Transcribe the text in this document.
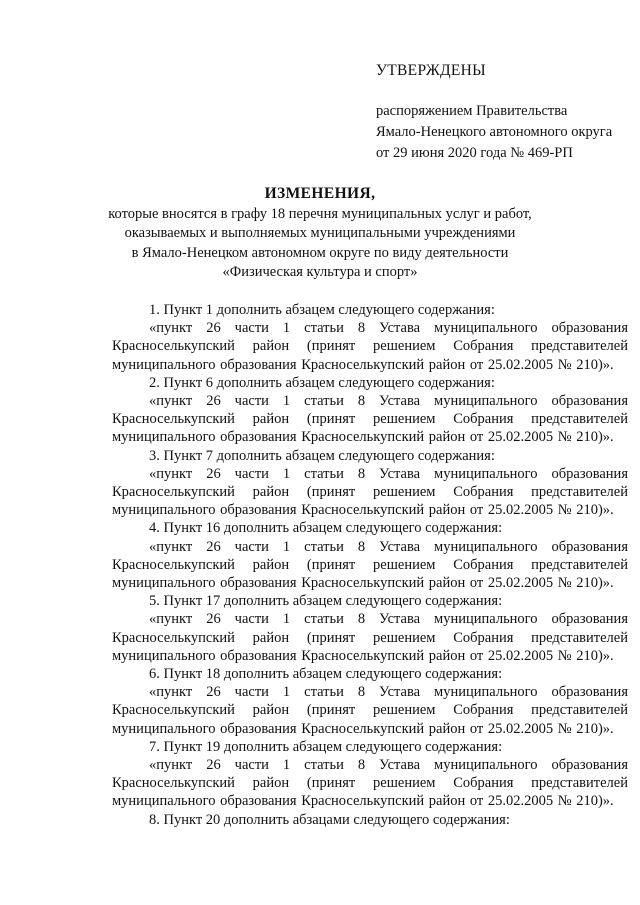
УТВЕРЖДЕНЫ
распоряжением Правительства
Ямало-Ненецкого автономного округа
от 29 июня 2020 года № 469-РП
ИЗМЕНЕНИЯ,
которые вносятся в графу 18 перечня муниципальных услуг и работ,
оказываемых и выполняемых муниципальными учреждениями
в Ямало-Ненецком автономном округе по виду деятельности
«Физическая культура и спорт»
1. Пункт 1 дополнить абзацем следующего содержания:
«пункт 26 части 1 статьи 8 Устава муниципального образования
Красноселькупский район (принят решением Собрания представителей
муниципального образования Красноселькупский район от 25.02.2005 № 210)».
2. Пункт 6 дополнить абзацем следующего содержания:
«пункт 26 части 1 статьи 8 Устава муниципального образования
Красноселькупский район (принят решением Собрания представителей
муниципального образования Красноселькупский район от 25.02.2005 № 210)».
3. Пункт 7 дополнить абзацем следующего содержания:
«пункт 26 части 1 статьи 8 Устава муниципального образования
Красноселькупский район (принят решением Собрания представителей
муниципального образования Красноселькупский район от 25.02.2005 № 210)».
4. Пункт 16 дополнить абзацем следующего содержания:
«пункт 26 части 1 статьи 8 Устава муниципального образования
Красноселькупский район (принят решением Собрания представителей
муниципального образования Красноселькупский район от 25.02.2005 № 210)».
5. Пункт 17 дополнить абзацем следующего содержания:
«пункт 26 части 1 статьи 8 Устава муниципального образования
Красноселькупский район (принят решением Собрания представителей
муниципального образования Красноселькупский район от 25.02.2005 № 210)».
6. Пункт 18 дополнить абзацем следующего содержания:
«пункт 26 части 1 статьи 8 Устава муниципального образования
Красноселькупский район (принят решением Собрания представителей
муниципального образования Красноселькупский район от 25.02.2005 № 210)».
7. Пункт 19 дополнить абзацем следующего содержания:
«пункт 26 части 1 статьи 8 Устава муниципального образования
Красноселькупский район (принят решением Собрания представителей
муниципального образования Красноселькупский район от 25.02.2005 № 210)».
8. Пункт 20 дополнить абзацами следующего содержания:
